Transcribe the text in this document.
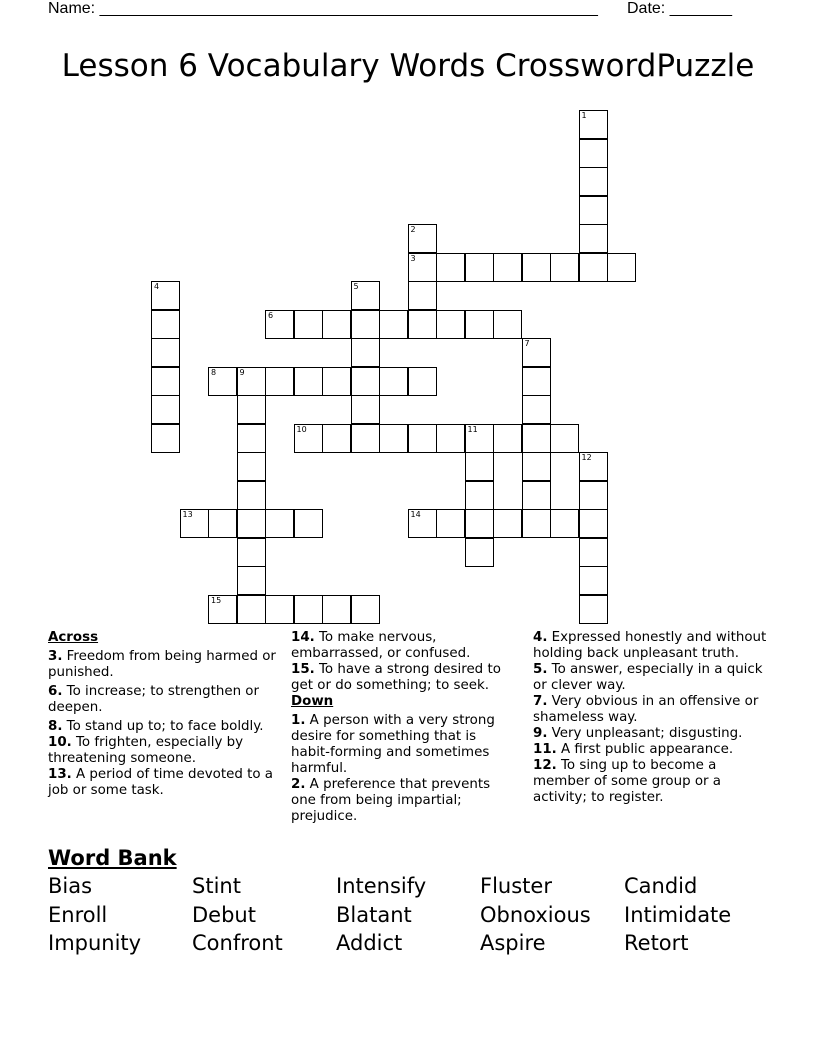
Name: ________________________________________________________ Date: _______
Lesson 6 Vocabulary Words CrosswordPuzzle
1
2
3
4	5
6
7
8	9
10	11
12
13	14
15
Across
3. Freedom from being harmed or punished.
6. To increase; to strengthen or deepen.
8. To stand up to; to face boldly.
10. To frighten, especially by threatening someone.
13. A period of time devoted to a job or some task.
14. To make nervous, embarrassed, or confused.
15. To have a strong desired to get or do something; to seek.
Down
1. A person with a very strong desire for something that is habit-forming and sometimes harmful.
2. A preference that prevents one from being impartial; prejudice.
4. Expressed honestly and without holding back unpleasant truth.
5. To answer, especially in a quick or clever way.
7. Very obvious in an offensive or shameless way.
9. Very unpleasant; disgusting.
11. A first public appearance.
12. To sing up to become a member of some group or a activity; to register.
Word Bank
Bias	Stint	Intensify	Fluster	Candid
Enroll	Debut	Blatant	Obnoxious	Intimidate
Impunity	Confront	Addict	Aspire	Retort
